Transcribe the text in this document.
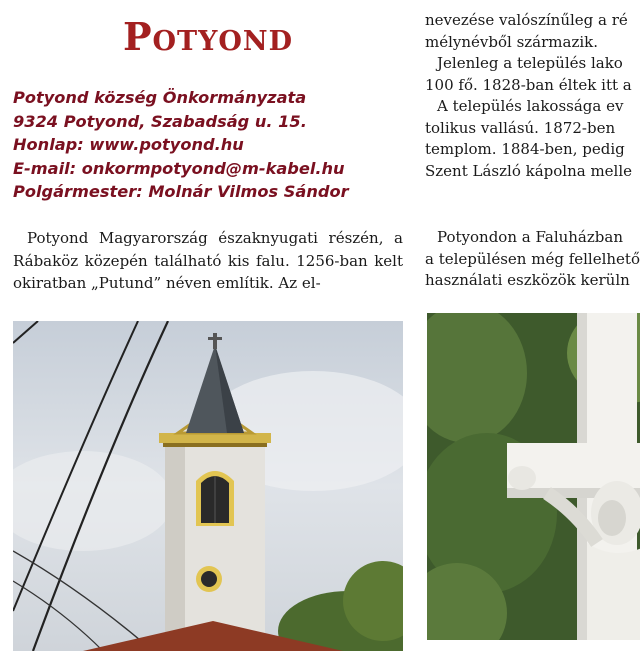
Potyond
Potyond község Önkormányzata
9324 Potyond, Szabadság u. 15.
Honlap: www.potyond.hu
E-mail: onkormpotyond@m-kabel.hu
Polgármester: Molnár Vilmos Sándor

Potyond Magyarország északnyugati részén, a Rábaköz közepén található kis falu. 1256-ban kelt okiratban „Putund” néven említik. Az el-

nevezése valószínűleg a ré

mélynévből származik.

Jelenleg a település lako

100 fő. 1828-ban éltek itt a

A település lakossága ev

tolikus vallású. 1872-ben

templom. 1884-ben, pedig

Szent László kápolna melle

Potyondon a Faluházban

a településen még fellelhető

használati eszközök kerüln
